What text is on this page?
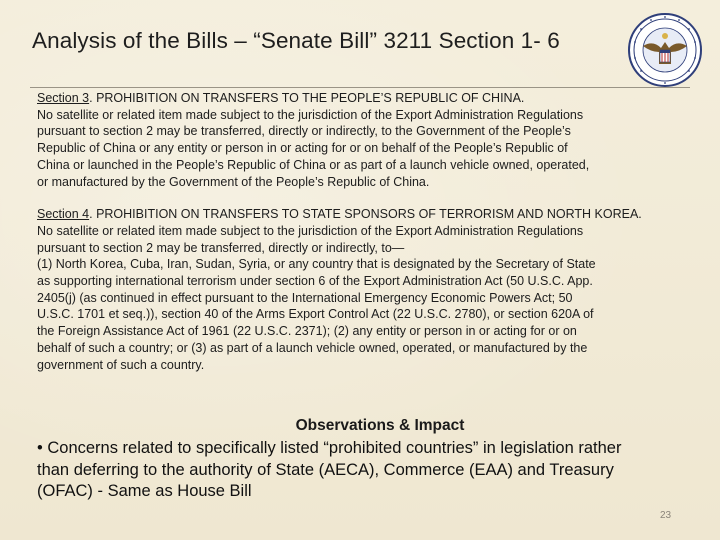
Analysis of the Bills – “Senate Bill” 3211 Section 1- 6
Section 3. PROHIBITION ON TRANSFERS TO THE PEOPLE’S REPUBLIC OF CHINA.
No satellite or related item made subject to the jurisdiction of the Export Administration Regulations
pursuant to section 2 may be transferred, directly or indirectly, to the Government of the People’s
Republic of China or any entity or person in or acting for or on behalf of the People’s Republic of
China or launched in the People’s Republic of China or as part of a launch vehicle owned, operated,
or manufactured by the Government of the People’s Republic of China.
Section 4. PROHIBITION ON TRANSFERS TO STATE SPONSORS OF TERRORISM AND NORTH KOREA.
No satellite or related item made subject to the jurisdiction of the Export Administration Regulations
pursuant to section 2 may be transferred, directly or indirectly, to—
(1) North Korea, Cuba, Iran, Sudan, Syria, or any country that is designated by the Secretary of State
as supporting international terrorism under section 6 of the Export Administration Act (50 U.S.C. App.
2405(j) (as continued in effect pursuant to the International Emergency Economic Powers Act; 50
U.S.C. 1701 et seq.)), section 40 of the Arms Export Control Act (22 U.S.C. 2780), or section 620A of
the Foreign Assistance Act of 1961 (22 U.S.C. 2371); (2) any entity or person in or acting for or on
behalf of such a country; or (3) as part of a launch vehicle owned, operated, or manufactured by the
government of such a country.
Observations & Impact
• Concerns related to specifically listed “prohibited countries” in legislation rather
than deferring to the authority of State (AECA), Commerce (EAA) and Treasury
(OFAC) - Same as House Bill
23
